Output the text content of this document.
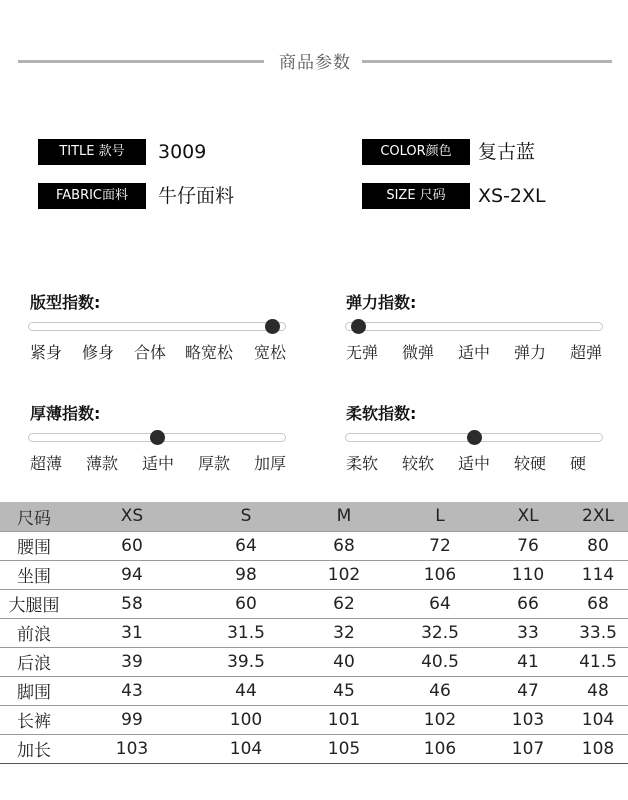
商品参数
TITLE 款号	3009
FABRIC面料	牛仔面料
COLOR颜色	复古蓝
SIZE 尺码	XS-2XL
版型指数:	弹力指数:
厚薄指数:	柔软指数:
紧身 修身 合体 略宽松 宽松	无弹 微弹 适中 弹力 超弹
超薄 薄款 适中 厚款 加厚	柔软 较软 适中 较硬 硬
尺码	XS	S	M	L	XL	2XL
腰围	60	64	68	72	76	80
坐围	94	98	102	106	110	114
大腿围	58	60	62	64	66	68
前浪	31	31.5	32	32.5	33	33.5
后浪	39	39.5	40	40.5	41	41.5
脚围	43	44	45	46	47	48
长裤	99	100	101	102	103	104
加长	103	104	105	106	107	108
